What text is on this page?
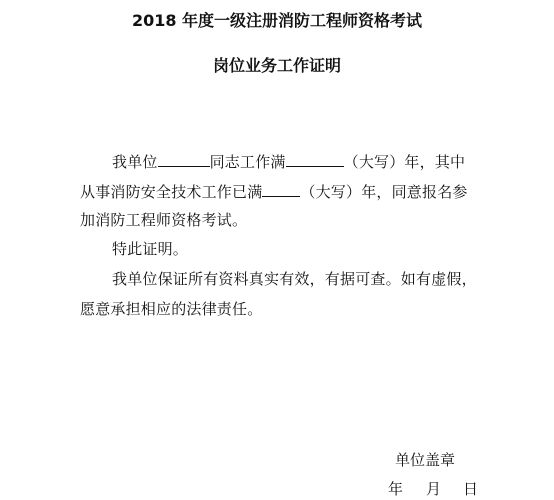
2018 年度一级注册消防工程师资格考试
岗位业务工作证明
我单位	同志工作满	（大写）年，其中
从事消防安全技术工作已满	（大写）年，同意报名参
加消防工程师资格考试。
特此证明。
我单位保证所有资料真实有效，有据可查。如有虚假，
愿意承担相应的法律责任。
单位盖章
年 月 日
